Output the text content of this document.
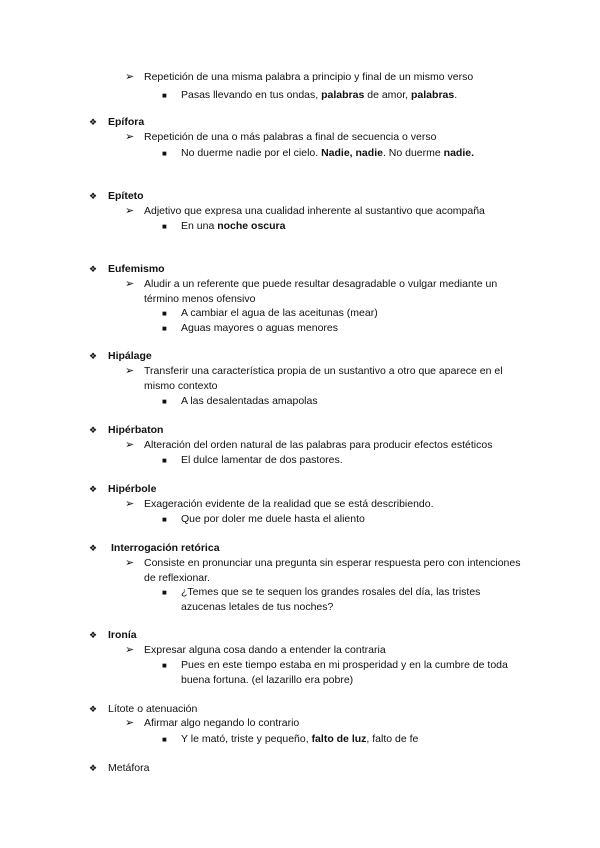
➢ Repetición de una misma palabra a principio y final de un mismo verso
■ Pasas llevando en tus ondas, palabras de amor, palabras.
❖	Epífora
➢ Repetición de una o más palabras a final de secuencia o verso
■ No duerme nadie por el cielo. Nadie, nadie. No duerme nadie.
❖	Epíteto
➢ Adjetivo que expresa una cualidad inherente al sustantivo que acompaña
■ En una noche oscura
❖	Eufemismo
➢ Aludir a un referente que puede resultar desagradable o vulgar mediante un término menos ofensivo
■ A cambiar el agua de las aceitunas (mear)
■ Aguas mayores o aguas menores
❖	Hipálage
➢ Transferir una característica propia de un sustantivo a otro que aparece en el mismo contexto
■ A las desalentadas amapolas
❖	Hipérbaton
➢ Alteración del orden natural de las palabras para producir efectos estéticos
■ El dulce lamentar de dos pastores.
❖	Hipérbole
➢ Exageración evidente de la realidad que se está describiendo.
■ Que por doler me duele hasta el aliento
❖	Interrogación retórica
➢ Consiste en pronunciar una pregunta sin esperar respuesta pero con intenciones de reflexionar.
■ ¿Temes que se te sequen los grandes rosales del día, las tristes azucenas letales de tus noches?
❖	Ironía
➢ Expresar alguna cosa dando a entender la contraria
■ Pues en este tiempo estaba en mi prosperidad y en la cumbre de toda buena fortuna. (el lazarillo era pobre)
❖	Lítote o atenuación
➢ Afirmar algo negando lo contrario
■ Y le mató, triste y pequeño, falto de luz, falto de fe
❖	Metáfora
